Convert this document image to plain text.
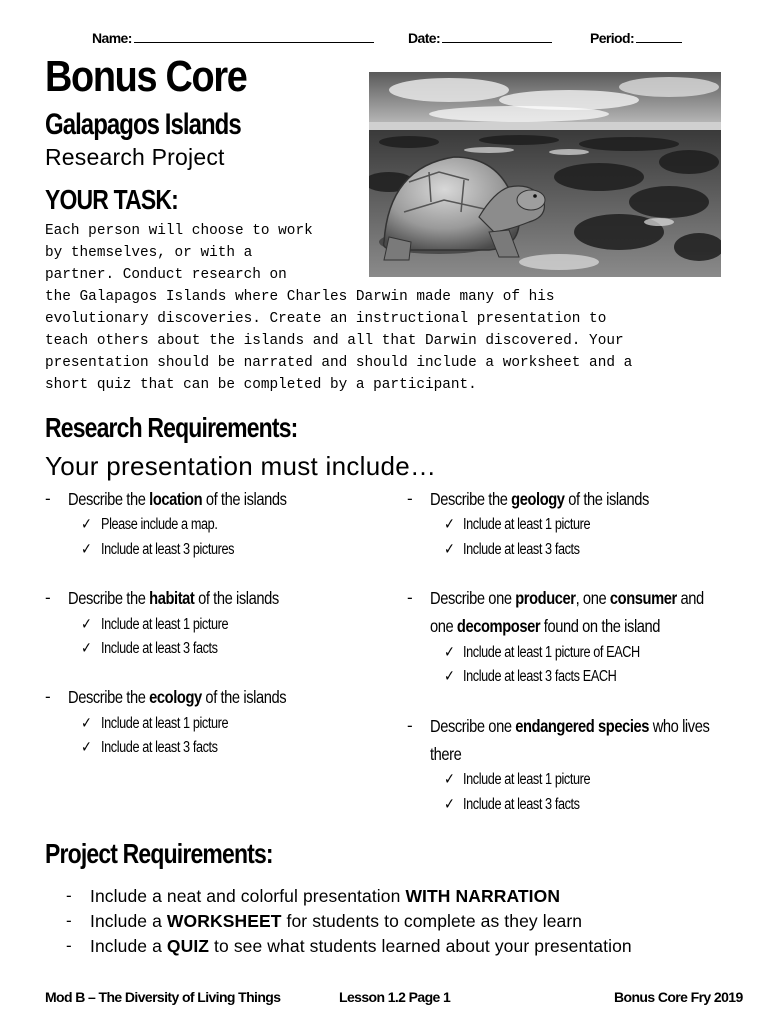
Name:	Date:	Period:
Bonus Core
Galapagos Islands
Research Project
YOUR TASK:
Each person will choose to work
by themselves, or with a
partner. Conduct research on
the Galapagos Islands where Charles Darwin made many of his
evolutionary discoveries. Create an instructional presentation to
teach others about the islands and all that Darwin discovered. Your
presentation should be narrated and should include a worksheet and a
short quiz that can be completed by a participant.
Research Requirements:
Your presentation must include…
- Describe the location of the islands
✓ Please include a map.
✓ Include at least 3 pictures
- Describe the habitat of the islands
✓ Include at least 1 picture
✓ Include at least 3 facts
- Describe the ecology of the islands
✓ Include at least 1 picture
✓ Include at least 3 facts
- Describe the geology of the islands
✓ Include at least 1 picture
✓ Include at least 3 facts
- Describe one producer, one consumer and
one decomposer found on the island
✓ Include at least 1 picture of EACH
✓ Include at least 3 facts EACH
- Describe one endangered species who lives
there
✓ Include at least 1 picture
✓ Include at least 3 facts
Project Requirements:
- Include a neat and colorful presentation WITH NARRATION
- Include a WORKSHEET for students to complete as they learn
- Include a QUIZ to see what students learned about your presentation
Mod B – The Diversity of Living Things	Lesson 1.2 Page 1	Bonus Core Fry 2019
